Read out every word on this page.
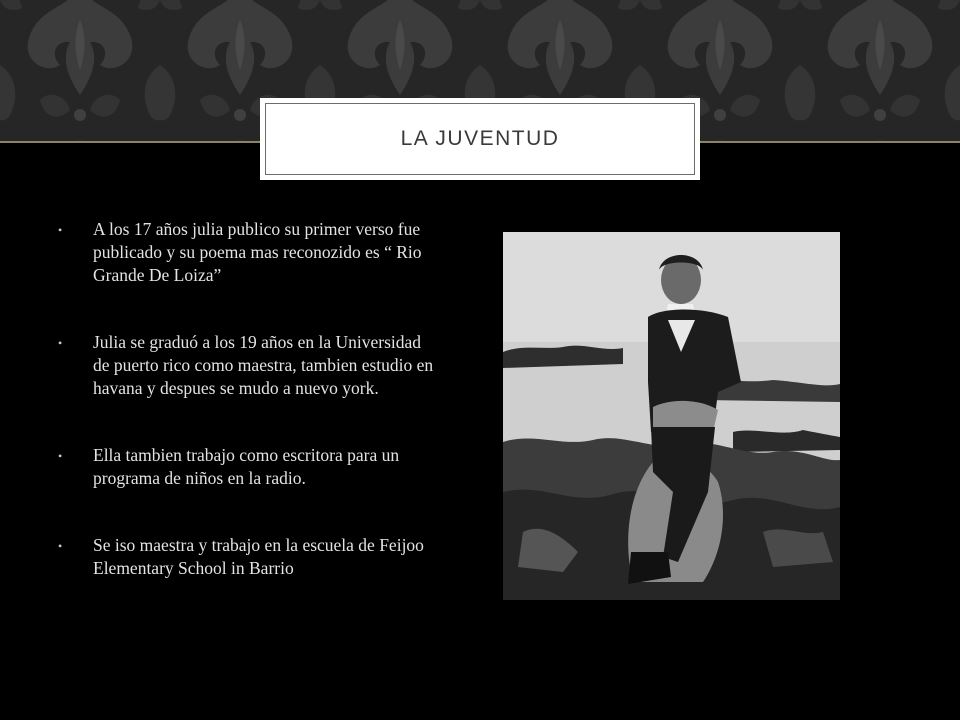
LA JUVENTUD
• A los 17 años julia publico su primer verso fue publicado y su poema mas reconozido es “ Rio Grande De Loiza”
• Julia se graduó a los 19 años en la Universidad de puerto rico como maestra, tambien estudio en havana y despues se mudo a nuevo york.
• Ella tambien trabajo como escritora para un programa de niños en la radio.
• Se iso maestra y trabajo en la escuela de Feijoo Elementary School in Barrio
